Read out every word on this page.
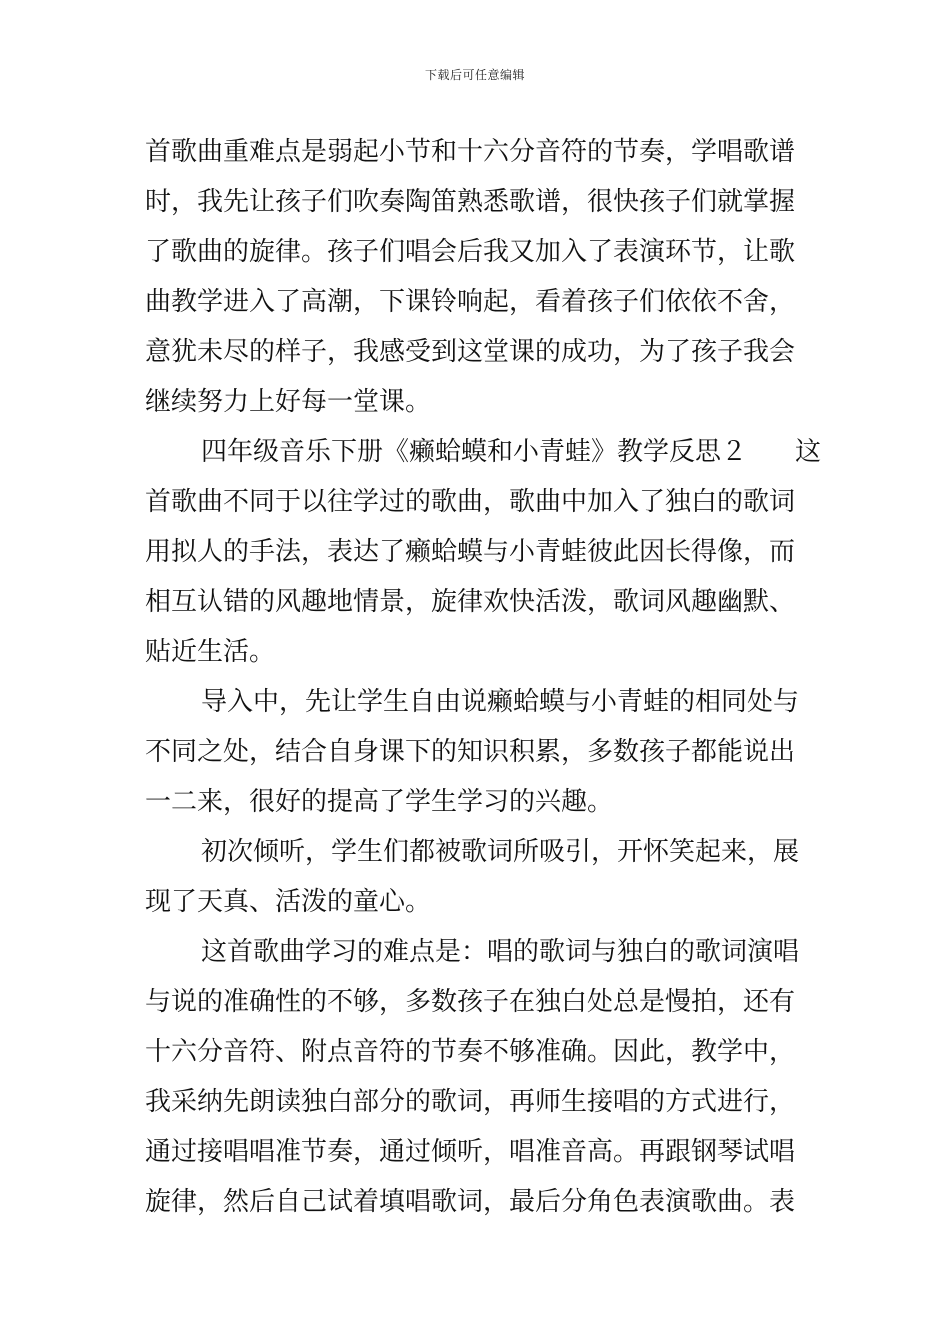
下载后可任意编辑
首歌曲重难点是弱起小节和十六分音符的节奏，学唱歌谱
时，我先让孩子们吹奏陶笛熟悉歌谱，很快孩子们就掌握
了歌曲的旋律。孩子们唱会后我又加入了表演环节，让歌
曲教学进入了高潮，下课铃响起，看着孩子们依依不舍，
意犹未尽的样子，我感受到这堂课的成功，为了孩子我会
继续努力上好每一堂课。
四年级音乐下册《癞蛤蟆和小青蛙》教学反思２ 这
首歌曲不同于以往学过的歌曲，歌曲中加入了独白的歌词
用拟人的手法，表达了癞蛤蟆与小青蛙彼此因长得像，而
相互认错的风趣地情景，旋律欢快活泼，歌词风趣幽默、
贴近生活。
导入中，先让学生自由说癞蛤蟆与小青蛙的相同处与
不同之处，结合自身课下的知识积累，多数孩子都能说出
一二来，很好的提高了学生学习的兴趣。
初次倾听，学生们都被歌词所吸引，开怀笑起来，展
现了天真、活泼的童心。
这首歌曲学习的难点是：唱的歌词与独白的歌词演唱
与说的准确性的不够，多数孩子在独白处总是慢拍，还有
十六分音符、附点音符的节奏不够准确。因此，教学中，
我采纳先朗读独白部分的歌词，再师生接唱的方式进行，
通过接唱唱准节奏，通过倾听，唱准音高。再跟钢琴试唱
旋律，然后自己试着填唱歌词，最后分角色表演歌曲。表
